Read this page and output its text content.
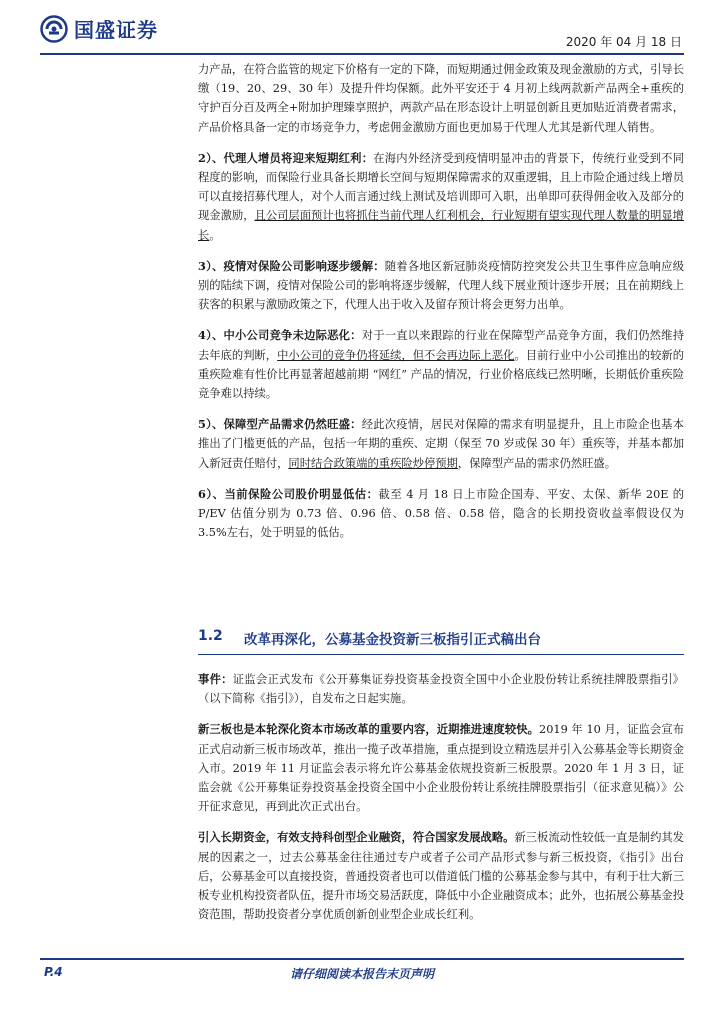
国盛证券	2020 年 04 月 18 日

力产品，在符合监管的规定下价格有一定的下降，而短期通过佣金政策及现金激励的方式，引导长缴（19、20、29、30 年）及提升件均保额。此外平安还于 4 月初上线两款新产品两全+重疾的守护百分百及两全+附加护理臻享照护，两款产品在形态设计上明显创新且更加贴近消费者需求，产品价格具备一定的市场竞争力，考虑佣金激励方面也更加易于代理人尤其是新代理人销售。

2）、代理人增员将迎来短期红利：在海内外经济受到疫情明显冲击的背景下，传统行业受到不同程度的影响，而保险行业具备长期增长空间与短期保障需求的双重逻辑，且上市险企通过线上增员可以直接招募代理人，对个人而言通过线上测试及培训即可入职，出单即可获得佣金收入及部分的现金激励，且公司层面预计也将抓住当前代理人红利机会，行业短期有望实现代理人数量的明显增长。

3）、疫情对保险公司影响逐步缓解：随着各地区新冠肺炎疫情防控突发公共卫生事件应急响应级别的陆续下调，疫情对保险公司的影响将逐步缓解，代理人线下展业预计逐步开展；且在前期线上获客的积累与激励政策之下，代理人出于收入及留存预计将会更努力出单。

4）、中小公司竞争未边际恶化：对于一直以来跟踪的行业在保障型产品竞争方面，我们仍然维持去年底的判断，中小公司的竞争仍将延续，但不会再边际上恶化。目前行业中小公司推出的较新的重疾险难有性价比再显著超越前期 “网红” 产品的情况，行业价格底线已然明晰，长期低价重疾险竞争难以持续。

5）、保障型产品需求仍然旺盛：经此次疫情，居民对保障的需求有明显提升，且上市险企也基本推出了门槛更低的产品，包括一年期的重疾、定期（保至 70 岁或保 30 年）重疾等，并基本都加入新冠责任赔付，同时结合政策端的重疾险炒停预期，保障型产品的需求仍然旺盛。

6）、当前保险公司股价明显低估：截至 4 月 18 日上市险企国寿、平安、太保、新华 20E 的 P/EV 估值分别为 0.73 倍、0.96 倍、0.58 倍、0.58 倍，隐含的长期投资收益率假设仅为 3.5%左右，处于明显的低估。

1.2 改革再深化，公募基金投资新三板指引正式稿出台

事件：证监会正式发布《公开募集证券投资基金投资全国中小企业股份转让系统挂牌股票指引》（以下简称《指引》），自发布之日起实施。

新三板也是本轮深化资本市场改革的重要内容，近期推进速度较快。2019 年 10 月，证监会宣布正式启动新三板市场改革，推出一揽子改革措施，重点提到设立精选层并引入公募基金等长期资金入市。2019 年 11 月证监会表示将允许公募基金依规投资新三板股票。2020 年 1 月 3 日，证监会就《公开募集证券投资基金投资全国中小企业股份转让系统挂牌股票指引（征求意见稿）》公开征求意见，再到此次正式出台。

引入长期资金，有效支持科创型企业融资，符合国家发展战略。新三板流动性较低一直是制约其发展的因素之一，过去公募基金往往通过专户或者子公司产品形式参与新三板投资，《指引》出台后，公募基金可以直接投资，普通投资者也可以借道低门槛的公募基金参与其中，有利于壮大新三板专业机构投资者队伍，提升市场交易活跃度，降低中小企业融资成本；此外，也拓展公募基金投资范围，帮助投资者分享优质创新创业型企业成长红利。

P.4	请仔细阅读本报告末页声明
